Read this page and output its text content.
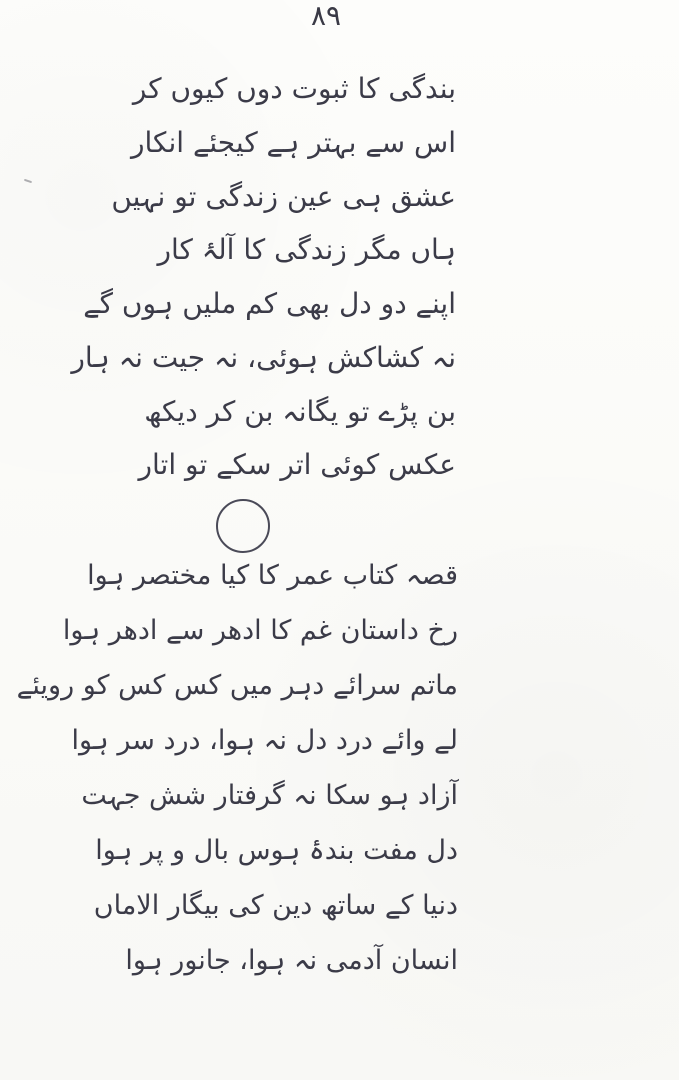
٨٩
بندگی کا ثبوت دوں کیوں کر
اس سے بہتر ہے کیجئے انکار
عشق ہی عین زندگی تو نہیں
ہاں مگر زندگی کا آلۂ کار
اپنے دو دل بھی کم ملیں ہوں گے
نہ کشاکش ہوئی، نہ جیت نہ ہار
بن پڑے تو یگانہ بن کر دیکھ
عکس کوئی اتر سکے تو اتار
قصہ کتاب عمر کا کیا مختصر ہوا
رخ داستان غم کا ادھر سے ادھر ہوا
ماتم سرائے دہر میں کس کس کو رویئے
لے وائے درد دل نہ ہوا، درد سر ہوا
آزاد ہو سکا نہ گرفتار شش جہت
دل مفت بندۂ ہوس بال و پر ہوا
دنیا کے ساتھ دین کی بیگار الاماں
انسان آدمی نہ ہوا، جانور ہوا
